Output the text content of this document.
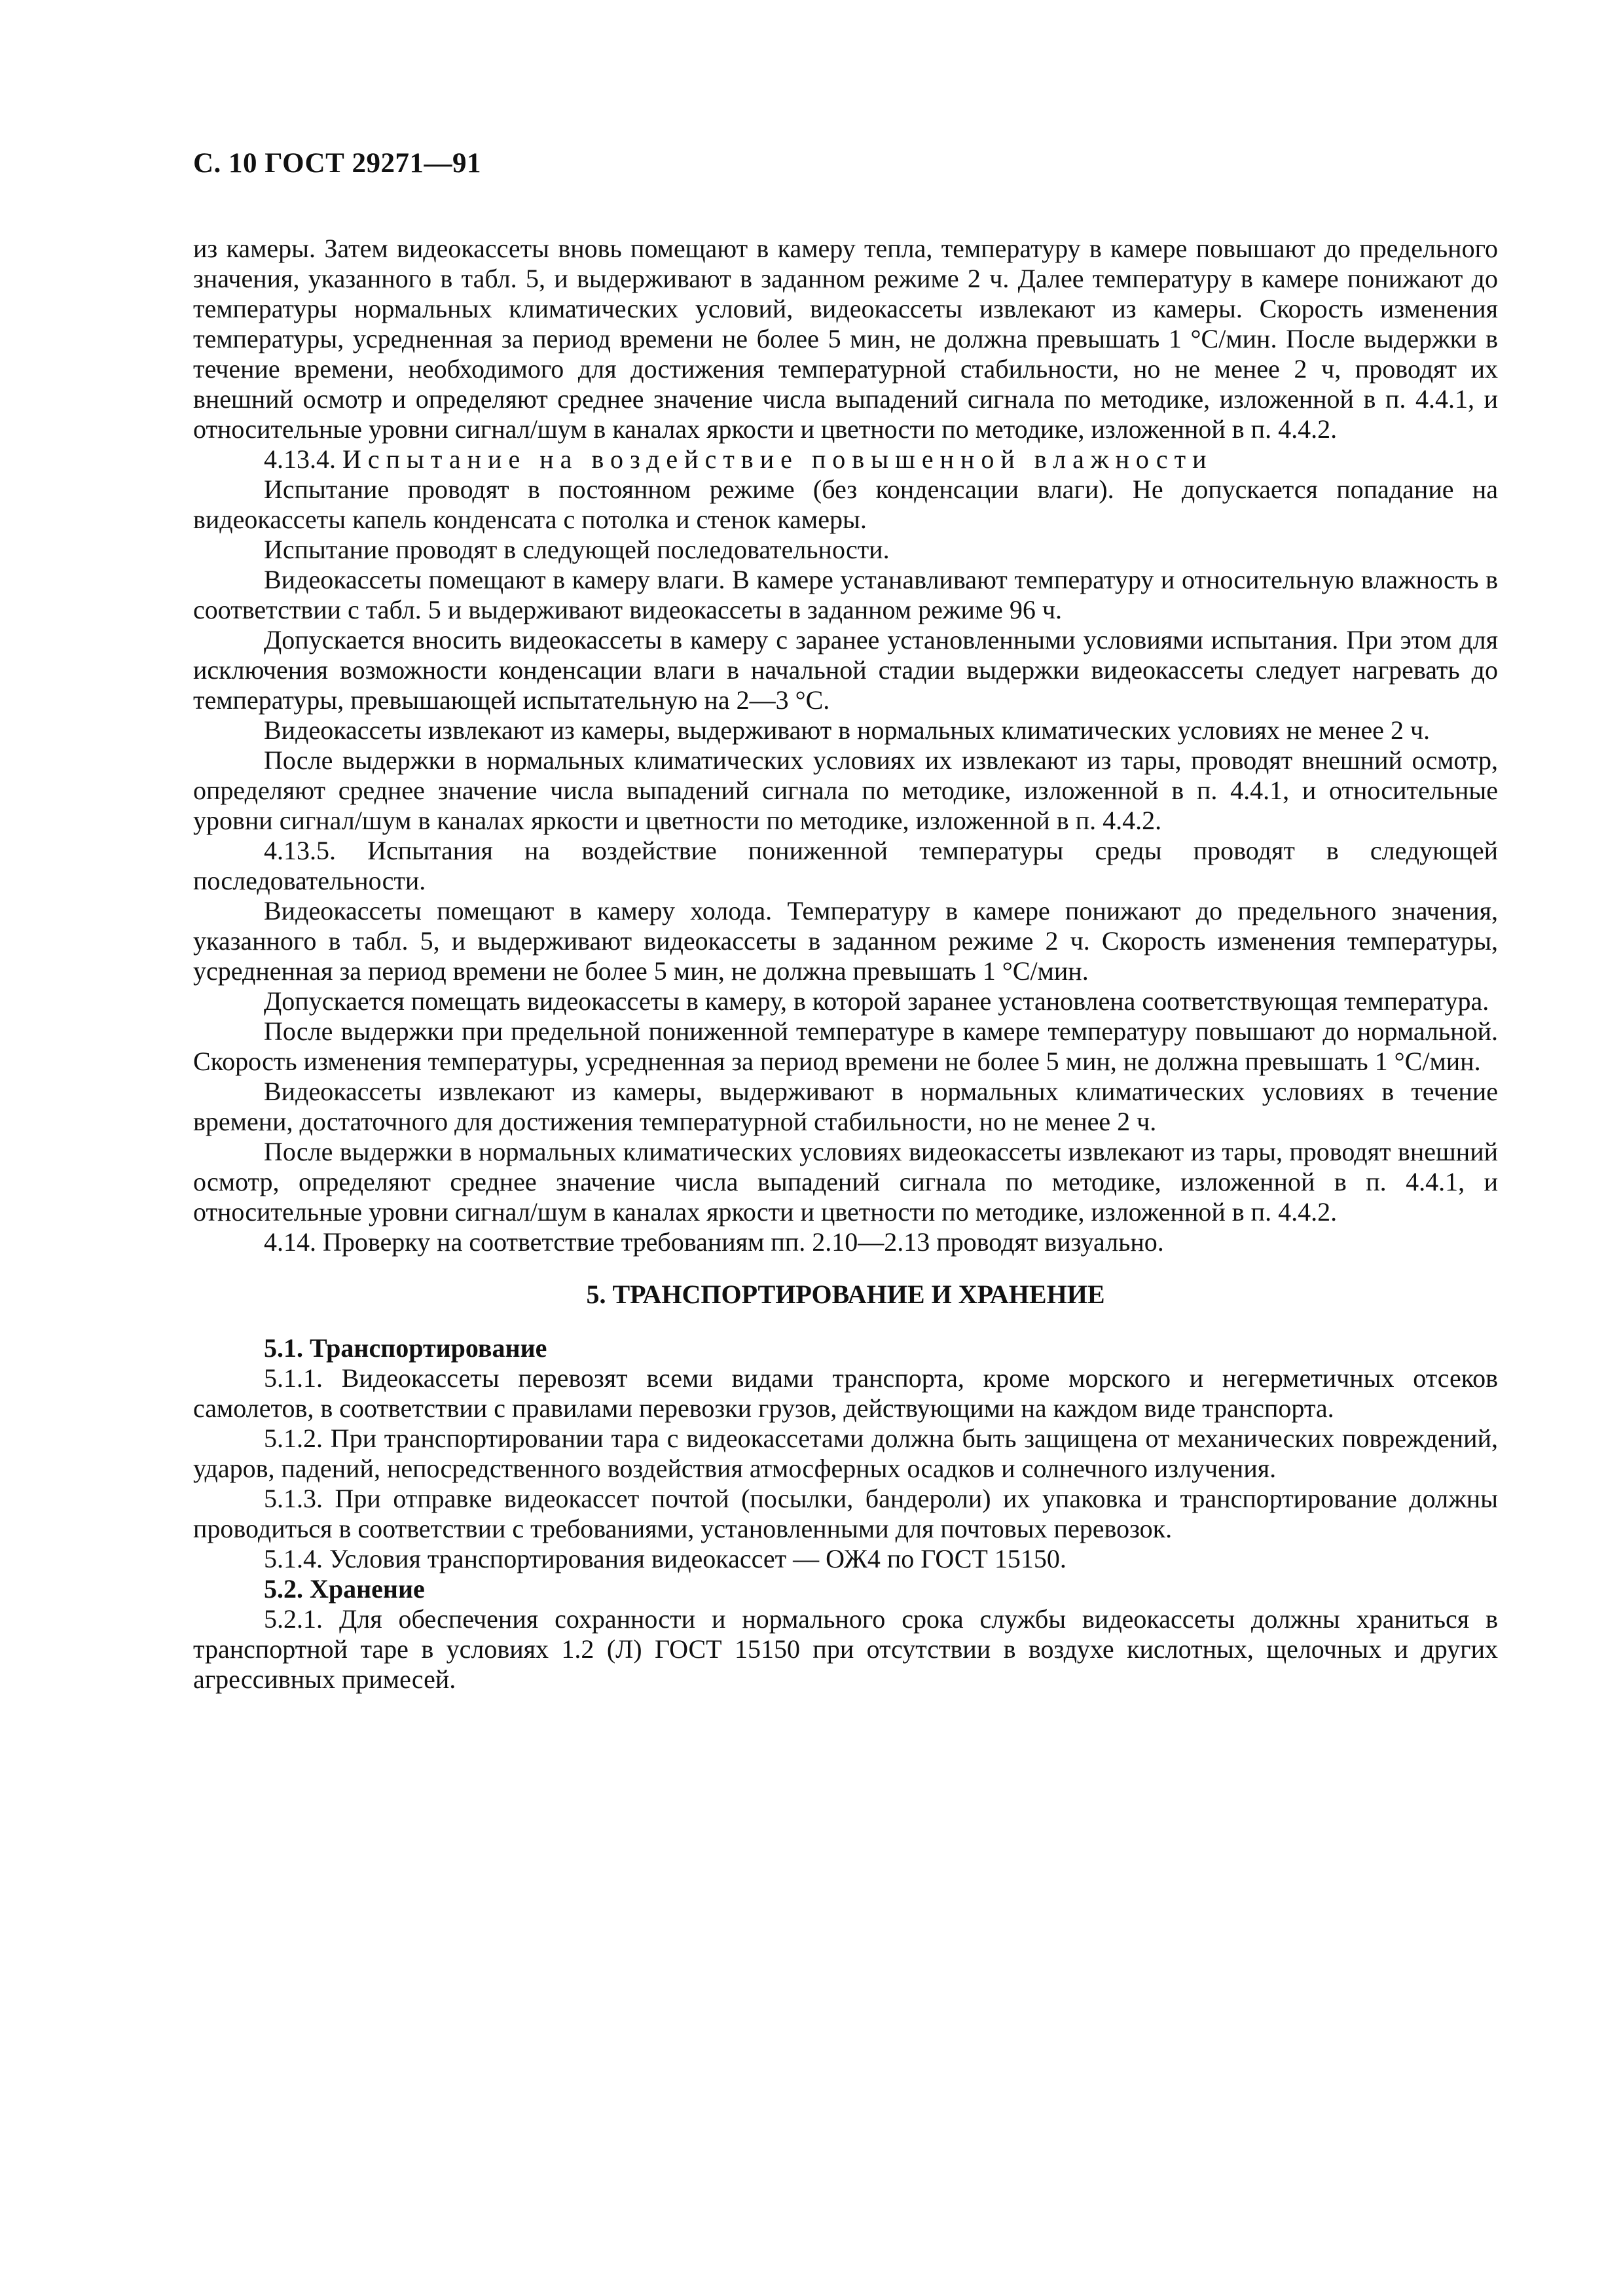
С. 10 ГОСТ 29271—91

из камеры. Затем видеокассеты вновь помещают в камеру тепла, температуру в камере повышают до предельного значения, указанного в табл. 5, и выдерживают в заданном режиме 2 ч. Далее температуру в камере понижают до температуры нормальных климатических условий, видеокассеты извлекают из камеры. Скорость изменения температуры, усредненная за период времени не более 5 мин, не должна превышать 1 °С/мин. После выдержки в течение времени, необходимого для достижения температурной стабильности, но не менее 2 ч, проводят их внешний осмотр и определяют среднее значение числа выпадений сигнала по методике, изложенной в п. 4.4.1, и относительные уровни сигнал/шум в каналах яркости и цветности по методике, изложенной в п. 4.4.2.

4.13.4. Испытание на воздействие повышенной влажности

Испытание проводят в постоянном режиме (без конденсации влаги). Не допускается попадание на видеокассеты капель конденсата с потолка и стенок камеры.

Испытание проводят в следующей последовательности.

Видеокассеты помещают в камеру влаги. В камере устанавливают температуру и относительную влажность в соответствии с табл. 5 и выдерживают видеокассеты в заданном режиме 96 ч.

Допускается вносить видеокассеты в камеру с заранее установленными условиями испытания. При этом для исключения возможности конденсации влаги в начальной стадии выдержки видеокассеты следует нагревать до температуры, превышающей испытательную на 2—3 °С.

Видеокассеты извлекают из камеры, выдерживают в нормальных климатических условиях не менее 2 ч.

После выдержки в нормальных климатических условиях их извлекают из тары, проводят внешний осмотр, определяют среднее значение числа выпадений сигнала по методике, изложенной в п. 4.4.1, и относительные уровни сигнал/шум в каналах яркости и цветности по методике, изложенной в п. 4.4.2.

4.13.5. Испытания на воздействие пониженной температуры среды проводят в следующей последовательности.

Видеокассеты помещают в камеру холода. Температуру в камере понижают до предельного значения, указанного в табл. 5, и выдерживают видеокассеты в заданном режиме 2 ч. Скорость изменения температуры, усредненная за период времени не более 5 мин, не должна превышать 1 °С/мин.

Допускается помещать видеокассеты в камеру, в которой заранее установлена соответствующая температура.

После выдержки при предельной пониженной температуре в камере температуру повышают до нормальной. Скорость изменения температуры, усредненная за период времени не более 5 мин, не должна превышать 1 °С/мин.

Видеокассеты извлекают из камеры, выдерживают в нормальных климатических условиях в течение времени, достаточного для достижения температурной стабильности, но не менее 2 ч.

После выдержки в нормальных климатических условиях видеокассеты извлекают из тары, проводят внешний осмотр, определяют среднее значение числа выпадений сигнала по методике, изложенной в п. 4.4.1, и относительные уровни сигнал/шум в каналах яркости и цветности по методике, изложенной в п. 4.4.2.

4.14. Проверку на соответствие требованиям пп. 2.10—2.13 проводят визуально.

5. ТРАНСПОРТИРОВАНИЕ И ХРАНЕНИЕ
5.1. Транспортирование

5.1.1. Видеокассеты перевозят всеми видами транспорта, кроме морского и негерметичных отсеков самолетов, в соответствии с правилами перевозки грузов, действующими на каждом виде транспорта.

5.1.2. При транспортировании тара с видеокассетами должна быть защищена от механических повреждений, ударов, падений, непосредственного воздействия атмосферных осадков и солнечного излучения.

5.1.3. При отправке видеокассет почтой (посылки, бандероли) их упаковка и транспортирование должны проводиться в соответствии с требованиями, установленными для почтовых перевозок.

5.1.4. Условия транспортирования видеокассет — ОЖ4 по ГОСТ 15150.

5.2. Хранение

5.2.1. Для обеспечения сохранности и нормального срока службы видеокассеты должны храниться в транспортной таре в условиях 1.2 (Л) ГОСТ 15150 при отсутствии в воздухе кислотных, щелочных и других агрессивных примесей.
